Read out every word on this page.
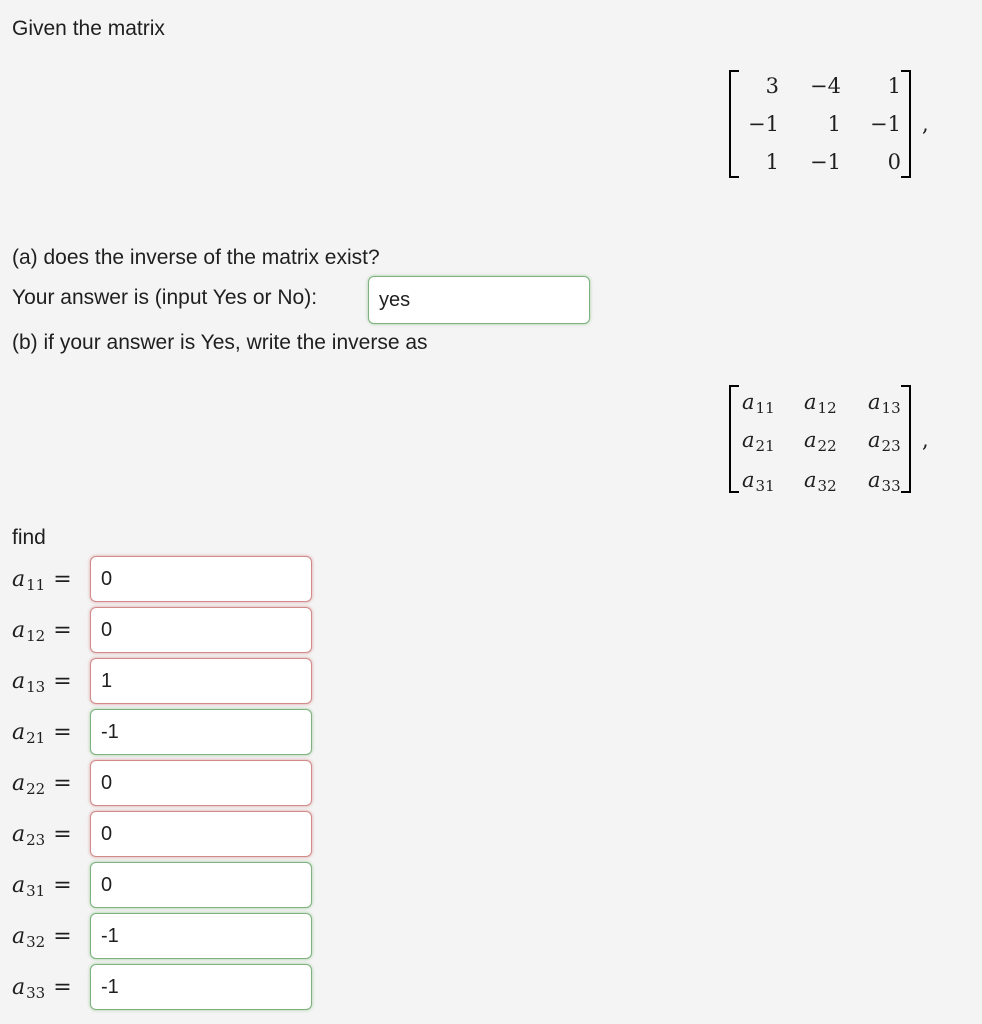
Given the matrix
3	−4	1
−1	1	−1
1	−1	0
,
(a) does the inverse of the matrix exist?
Your answer is (input Yes or No):
yes
(b) if your answer is Yes, write the inverse as
a11 a12 a13
a21 a22 a23
a31 a32 a33
,
find
a11 =
0
a12 =
0
a13 =
1
a21 =
-1
a22 =
0
a23 =
0
a31 =
0
a32 =
-1
a33 =
-1
